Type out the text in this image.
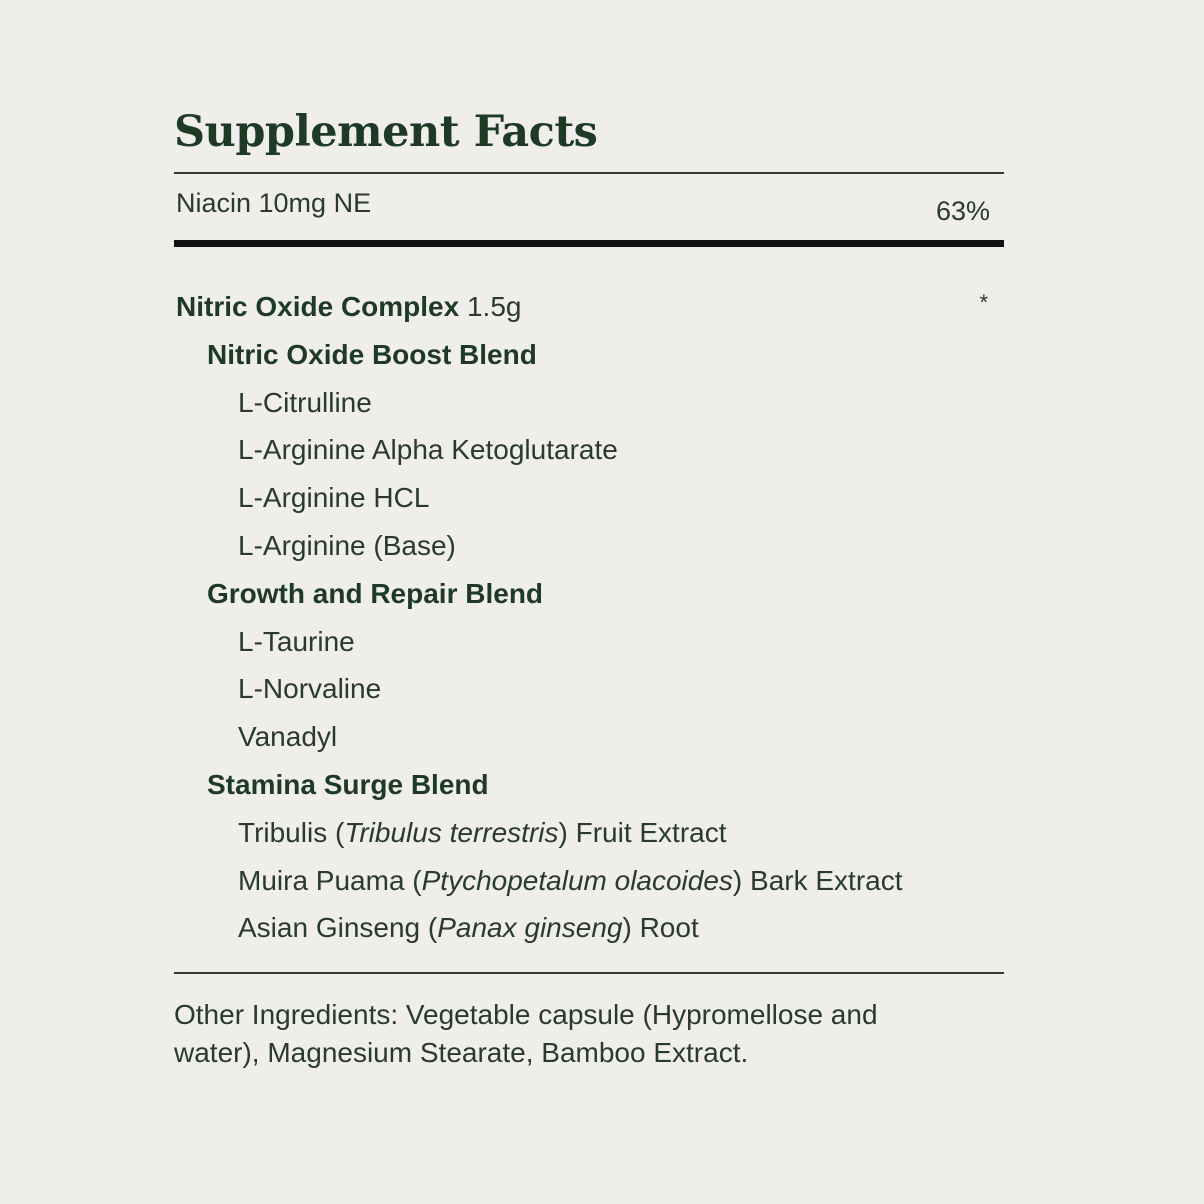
Supplement Facts
Niacin 10mg NE	63%
Nitric Oxide Complex 1.5g	*
Nitric Oxide Boost Blend
L-Citrulline
L-Arginine Alpha Ketoglutarate
L-Arginine HCL
L-Arginine (Base)
Growth and Repair Blend
L-Taurine
L-Norvaline
Vanadyl
Stamina Surge Blend
Tribulis (Tribulus terrestris) Fruit Extract
Muira Puama (Ptychopetalum olacoides) Bark Extract
Asian Ginseng (Panax ginseng) Root
Other Ingredients: Vegetable capsule (Hypromellose and water), Magnesium Stearate, Bamboo Extract.
